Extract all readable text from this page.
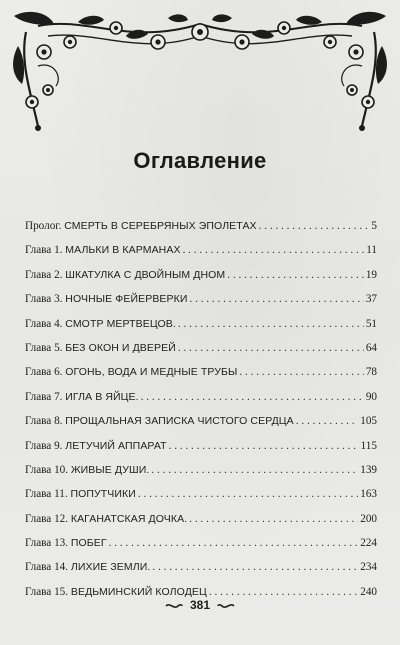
Оглавление
Пролог. СМЕРТЬ В СЕРЕБРЯНЫХ ЭПОЛЕТАХ . . .	5
Глава 1. МАЛЬКИ В КАРМАНАХ . . .	11
Глава 2. ШКАТУЛКА С ДВОЙНЫМ ДНОМ . . .	19
Глава 3. НОЧНЫЕ ФЕЙЕРВЕРКИ . . .	37
Глава 4. СМОТР МЕРТВЕЦОВ. . . .	51
Глава 5. БЕЗ ОКОН И ДВЕРЕЙ . . .	64
Глава 6. ОГОНЬ, ВОДА И МЕДНЫЕ ТРУБЫ . . .	78
Глава 7. ИГЛА В ЯЙЦЕ. . . .	90
Глава 8. ПРОЩАЛЬНАЯ ЗАПИСКА ЧИСТОГО СЕРДЦА . . .	105
Глава 9. ЛЕТУЧИЙ АППАРАТ . . .	115
Глава 10. ЖИВЫЕ ДУШИ. . . .	139
Глава 11. ПОПУТЧИКИ . . .	163
Глава 12. КАГАНАТСКАЯ ДОЧКА. . . .	200
Глава 13. ПОБЕГ . . .	224
Глава 14. ЛИХИЕ ЗЕМЛИ. . . .	234
Глава 15. ВЕДЬМИНСКИЙ КОЛОДЕЦ . . .	240
381
